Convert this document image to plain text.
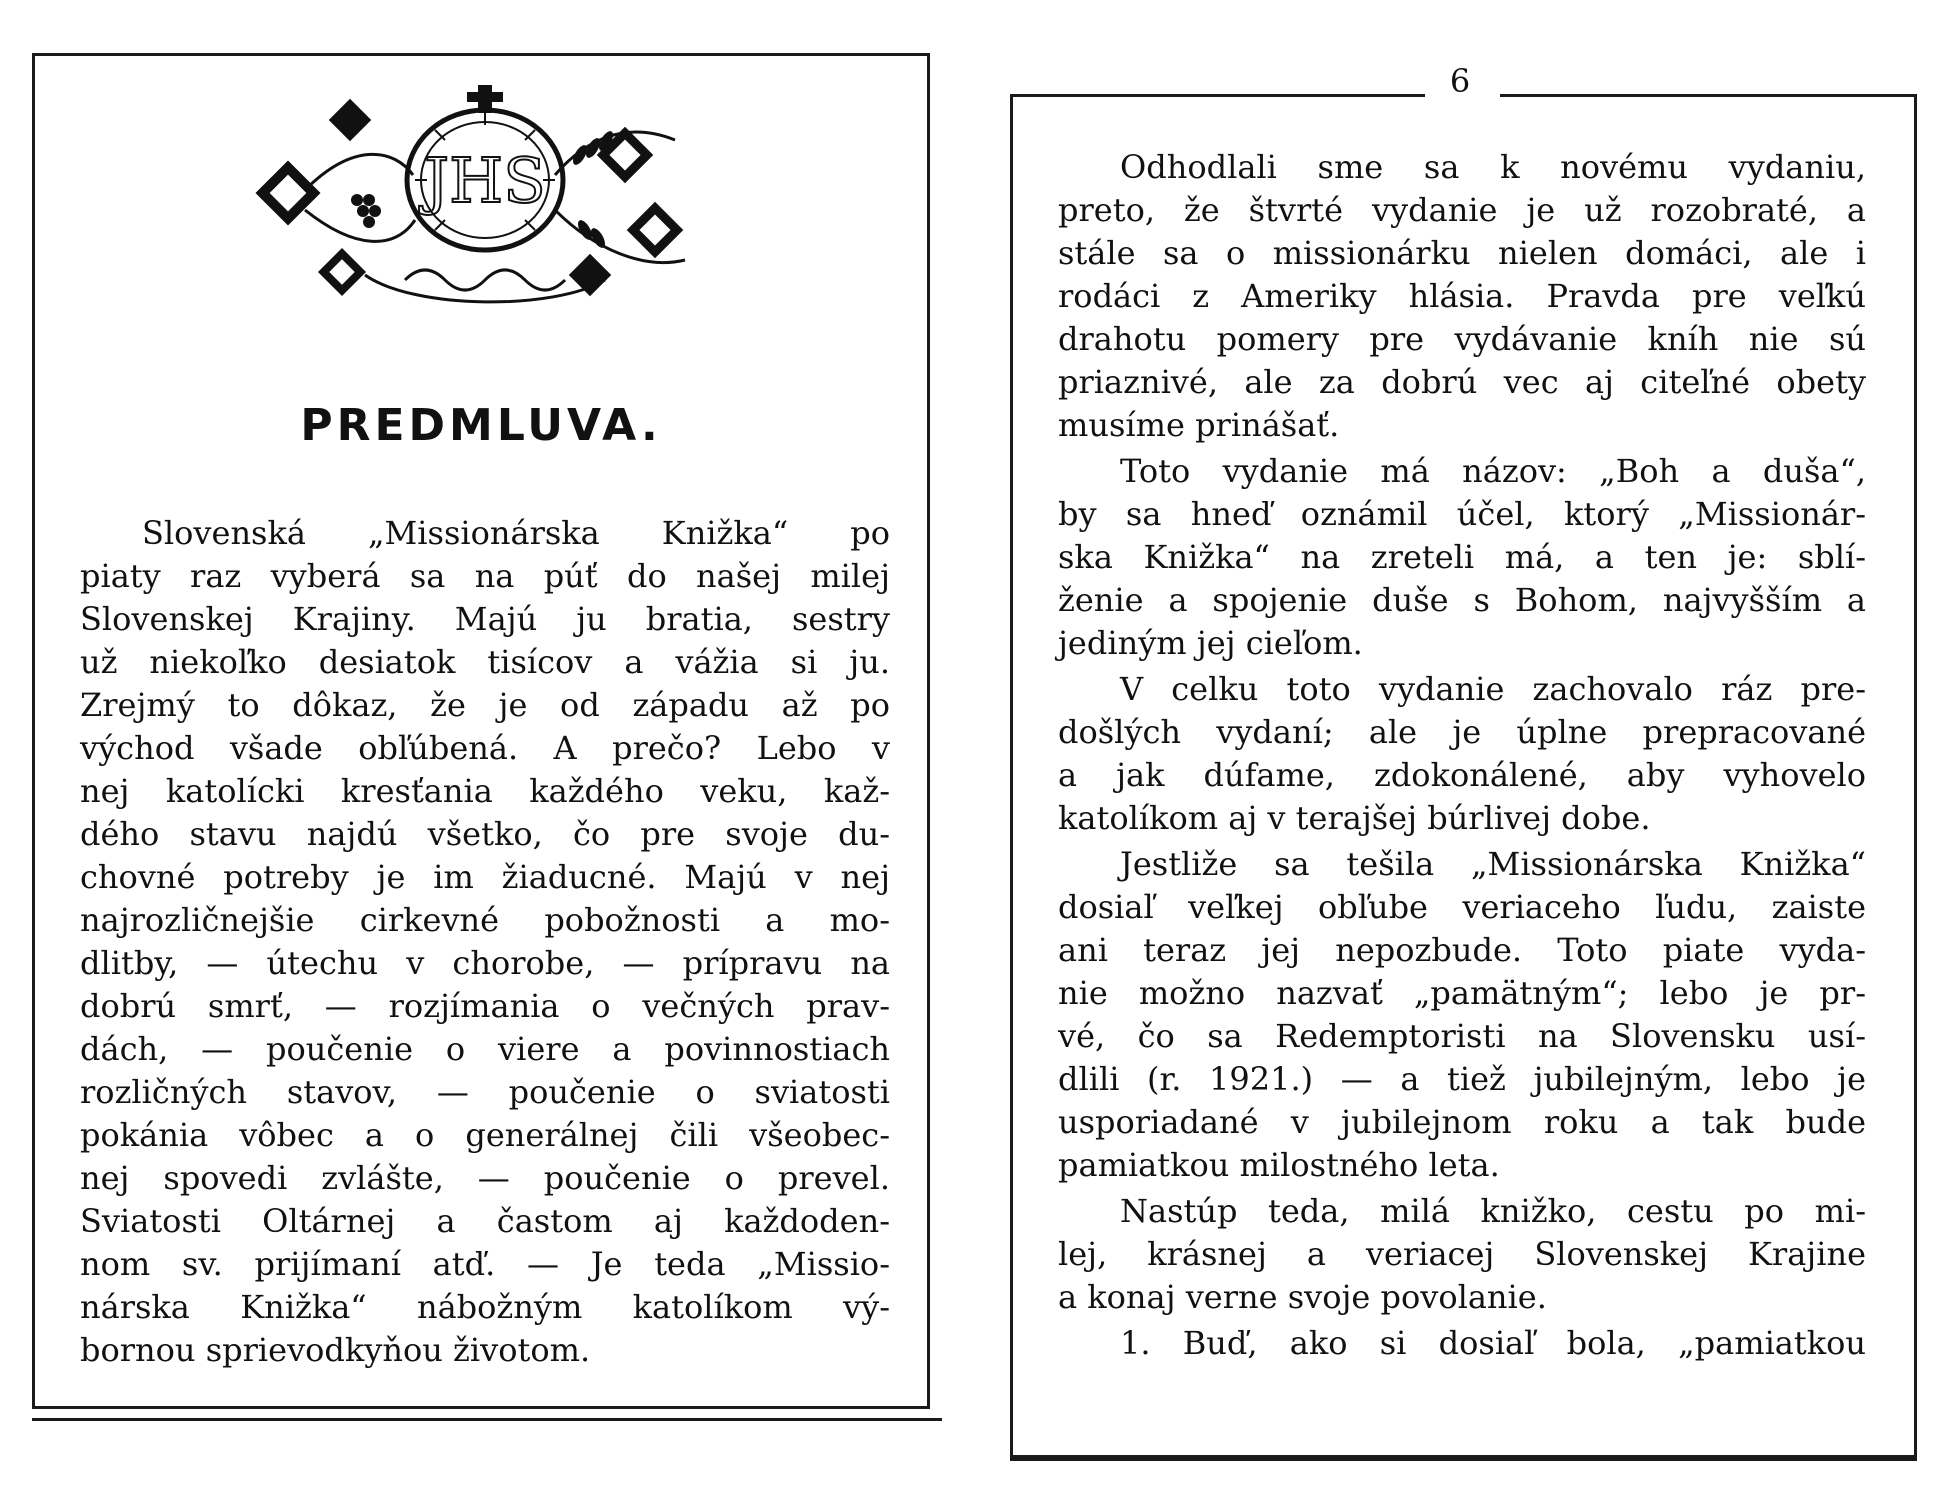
JHS
PREDMLUVA.
Slovenská „Missionárska Knižka“ po
piaty raz vyberá sa na púť do našej milej
Slovenskej Krajiny. Majú ju bratia, sestry
už niekoľko desiatok tisícov a vážia si ju.
Zrejmý to dôkaz, že je od západu až po
východ všade obľúbená. A prečo? Lebo v
nej katolícki kresťania každého veku, kaž-
dého stavu najdú všetko, čo pre svoje du-
chovné potreby je im žiaducné. Majú v nej
najrozličnejšie cirkevné pobožnosti a mo-
dlitby, — útechu v chorobe, — prípravu na
dobrú smrť, — rozjímania o večných prav-
dách, — poučenie o viere a povinnostiach
rozličných stavov, — poučenie o sviatosti
pokánia vôbec a o generálnej čili všeobec-
nej spovedi zvlášte, — poučenie o prevel.
Sviatosti Oltárnej a častom aj každoden-
nom sv. prijímaní atď. — Je teda „Missio-
nárska Knižka“ nábožným katolíkom vý-
bornou sprievodkyňou životom.
6
Odhodlali sme sa k novému vydaniu,
preto, že štvrté vydanie je už rozobraté, a
stále sa o missionárku nielen domáci, ale i
rodáci z Ameriky hlásia. Pravda pre veľkú
drahotu pomery pre vydávanie kníh nie sú
priaznivé, ale za dobrú vec aj citeľné obety
musíme prinášať.
Toto vydanie má názov: „Boh a duša“,
by sa hneď oznámil účel, ktorý „Missionár-
ska Knižka“ na zreteli má, a ten je: sblí-
ženie a spojenie duše s Bohom, najvyšším a
jediným jej cieľom.
V celku toto vydanie zachovalo ráz pre-
došlých vydaní; ale je úplne prepracované
a jak dúfame, zdokonálené, aby vyhovelo
katolíkom aj v terajšej búrlivej dobe.
Jestliže sa tešila „Missionárska Knižka“
dosiaľ veľkej obľube veriaceho ľudu, zaiste
ani teraz jej nepozbude. Toto piate vyda-
nie možno nazvať „pamätným“; lebo je pr-
vé, čo sa Redemptoristi na Slovensku usí-
dlili (r. 1921.) — a tiež jubilejným, lebo je
usporiadané v jubilejnom roku a tak bude
pamiatkou milostného leta.
Nastúp teda, milá knižko, cestu po mi-
lej, krásnej a veriacej Slovenskej Krajine
a konaj verne svoje povolanie.
1. Buď, ako si dosiaľ bola, „pamiatkou
